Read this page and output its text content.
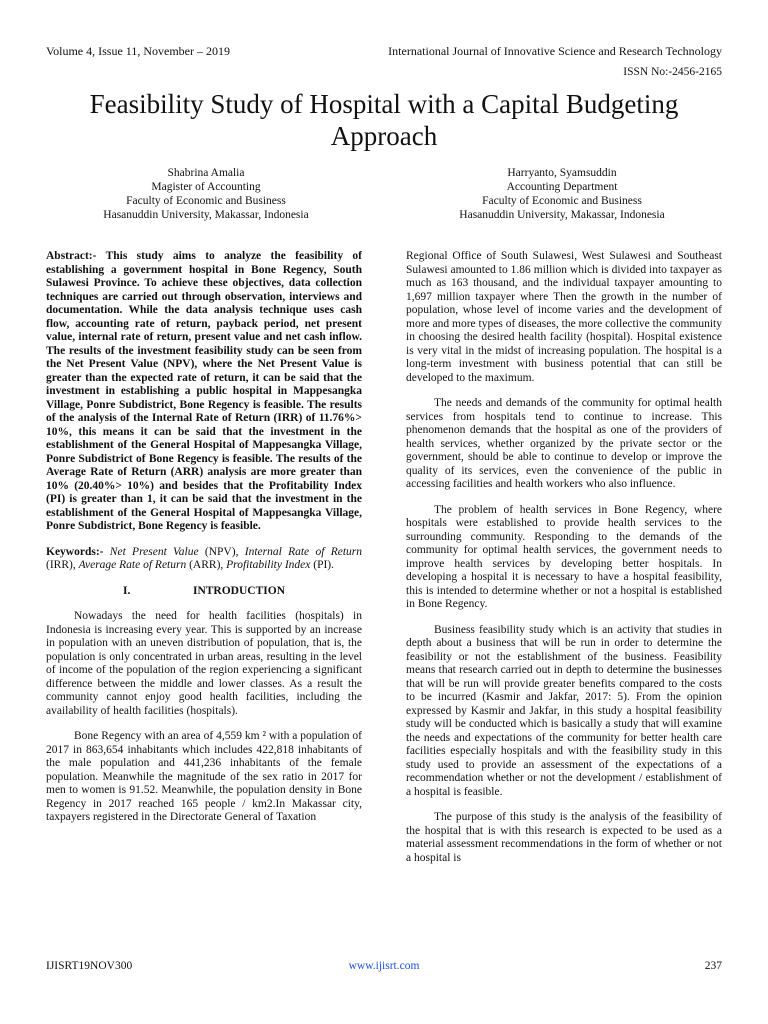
Volume 4, Issue 11, November – 2019	International Journal of Innovative Science and Research Technology
ISSN No:-2456-2165
Feasibility Study of Hospital with a Capital Budgeting Approach
Shabrina Amalia
Magister of Accounting
Faculty of Economic and Business
Hasanuddin University, Makassar, Indonesia
Harryanto, Syamsuddin
Accounting Department
Faculty of Economic and Business
Hasanuddin University, Makassar, Indonesia

Abstract:- This study aims to analyze the feasibility of establishing a government hospital in Bone Regency, South Sulawesi Province. To achieve these objectives, data collection techniques are carried out through observation, interviews and documentation. While the data analysis technique uses cash flow, accounting rate of return, payback period, net present value, internal rate of return, present value and net cash inflow. The results of the investment feasibility study can be seen from the Net Present Value (NPV), where the Net Present Value is greater than the expected rate of return, it can be said that the investment in establishing a public hospital in Mappesangka Village, Ponre Subdistrict, Bone Regency is feasible. The results of the analysis of the Internal Rate of Return (IRR) of 11.76%> 10%, this means it can be said that the investment in the establishment of the General Hospital of Mappesangka Village, Ponre Subdistrict of Bone Regency is feasible. The results of the Average Rate of Return (ARR) analysis are more greater than 10% (20.40%> 10%) and besides that the Profitability Index (PI) is greater than 1, it can be said that the investment in the establishment of the General Hospital of Mappesangka Village, Ponre Subdistrict, Bone Regency is feasible.

Keywords:- Net Present Value (NPV), Internal Rate of Return (IRR), Average Rate of Return (ARR), Profitability Index (PI).

I.	INTRODUCTION

Nowadays the need for health facilities (hospitals) in Indonesia is increasing every year. This is supported by an increase in population with an uneven distribution of population, that is, the population is only concentrated in urban areas, resulting in the level of income of the population of the region experiencing a significant difference between the middle and lower classes. As a result the community cannot enjoy good health facilities, including the availability of health facilities (hospitals).

Bone Regency with an area of 4,559 km ² with a population of 2017 in 863,654 inhabitants which includes 422,818 inhabitants of the male population and 441,236 inhabitants of the female population. Meanwhile the magnitude of the sex ratio in 2017 for men to women is 91.52. Meanwhile, the population density in Bone Regency in 2017 reached 165 people / km2.In Makassar city, taxpayers registered in the Directorate General of Taxation

Regional Office of South Sulawesi, West Sulawesi and Southeast Sulawesi amounted to 1.86 million which is divided into taxpayer as much as 163 thousand, and the individual taxpayer amounting to 1,697 million taxpayer where Then the growth in the number of population, whose level of income varies and the development of more and more types of diseases, the more collective the community in choosing the desired health facility (hospital). Hospital existence is very vital in the midst of increasing population. The hospital is a long-term investment with business potential that can still be developed to the maximum.

The needs and demands of the community for optimal health services from hospitals tend to continue to increase. This phenomenon demands that the hospital as one of the providers of health services, whether organized by the private sector or the government, should be able to continue to develop or improve the quality of its services, even the convenience of the public in accessing facilities and health workers who also influence.

The problem of health services in Bone Regency, where hospitals were established to provide health services to the surrounding community. Responding to the demands of the community for optimal health services, the government needs to improve health services by developing better hospitals. In developing a hospital it is necessary to have a hospital feasibility, this is intended to determine whether or not a hospital is established in Bone Regency.

Business feasibility study which is an activity that studies in depth about a business that will be run in order to determine the feasibility or not the establishment of the business. Feasibility means that research carried out in depth to determine the businesses that will be run will provide greater benefits compared to the costs to be incurred (Kasmir and Jakfar, 2017: 5). From the opinion expressed by Kasmir and Jakfar, in this study a hospital feasibility study will be conducted which is basically a study that will examine the needs and expectations of the community for better health care facilities especially hospitals and with the feasibility study in this study used to provide an assessment of the expectations of a recommendation whether or not the development / establishment of a hospital is feasible.

The purpose of this study is the analysis of the feasibility of the hospital that is with this research is expected to be used as a material assessment recommendations in the form of whether or not a hospital is

IJISRT19NOV300	www.ijisrt.com	237
